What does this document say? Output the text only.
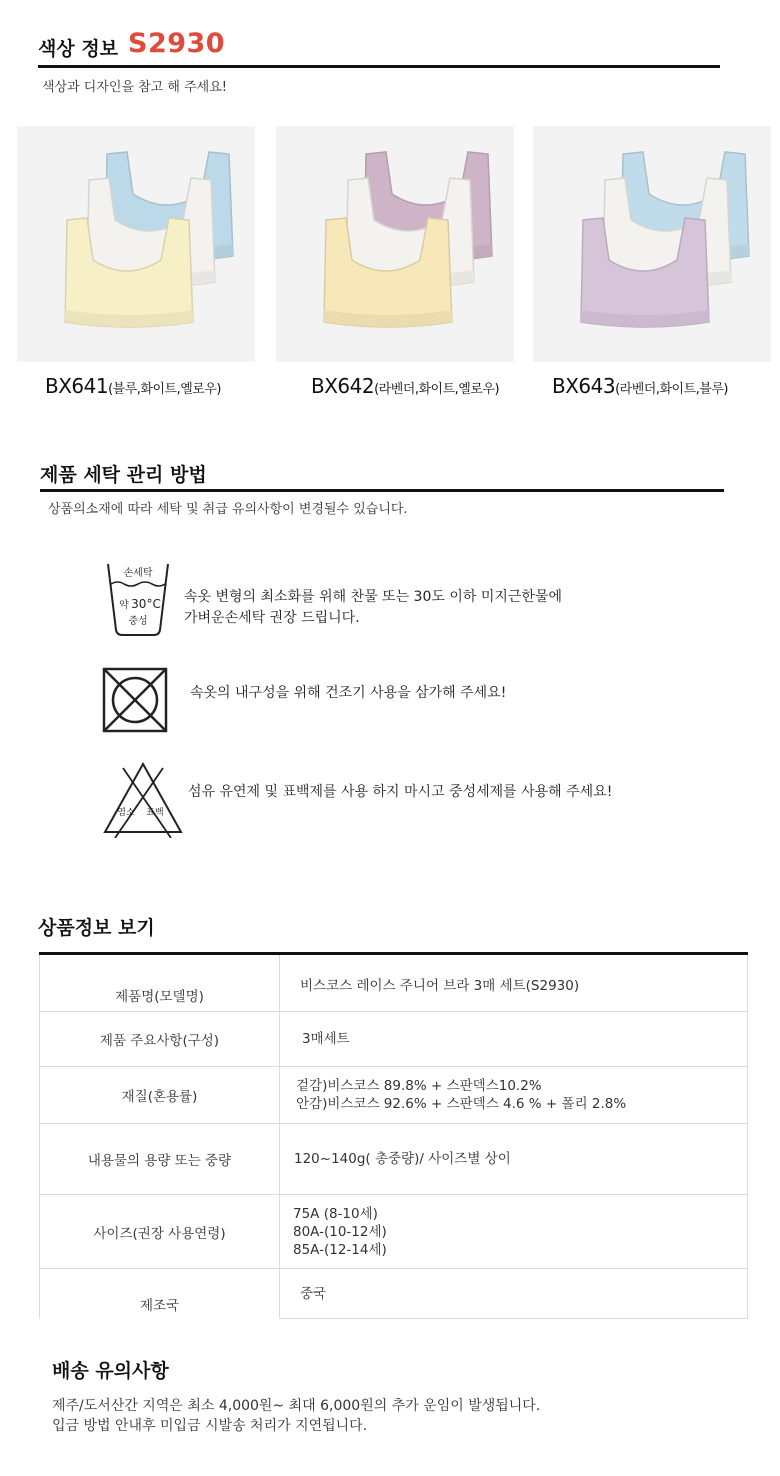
색상 정보 S2930
색상과 디자인을 참고 해 주세요!
BX641(블루,화이트,옐로우)	BX642(라벤더,화이트,옐로우)	BX643(라벤더,화이트,블루)
제품 세탁 관리 방법
상품의소재에 따라 세탁 및 취급 유의사항이 변경될수 있습니다.
손세탁
약 30°C
중성
속옷 변형의 최소화를 위해 찬물 또는 30도 이하 미지근한물에
가벼운손세탁 권장 드립니다.
속옷의 내구성을 위해 건조기 사용을 삼가해 주세요!
염소 표백
섬유 유연제 및 표백제를 사용 하지 마시고 중성세제를 사용해 주세요!
상품정보 보기
제품명(모델명)	비스코스 레이스 주니어 브라 3매 세트(S2930)

제품 주요사항(구성)	3매세트

재질(혼용률)	겉감)비스코스 89.8% + 스판덱스10.2%
안감)비스코스 92.6% + 스판덱스 4.6 % + 폴리 2.8%

내용물의 용량 또는 중량	120~140g( 총중량)/ 사이즈별 상이

사이즈(권장 사용연령)	75A (8-10세)
80A-(10-12세)
85A-(12-14세)

제조국	중국
배송 유의사항
제주/도서산간 지역은 최소 4,000원~ 최대 6,000원의 추가 운임이 발생됩니다.
입금 방법 안내후 미입금 시발송 처리가 지연됩니다.
